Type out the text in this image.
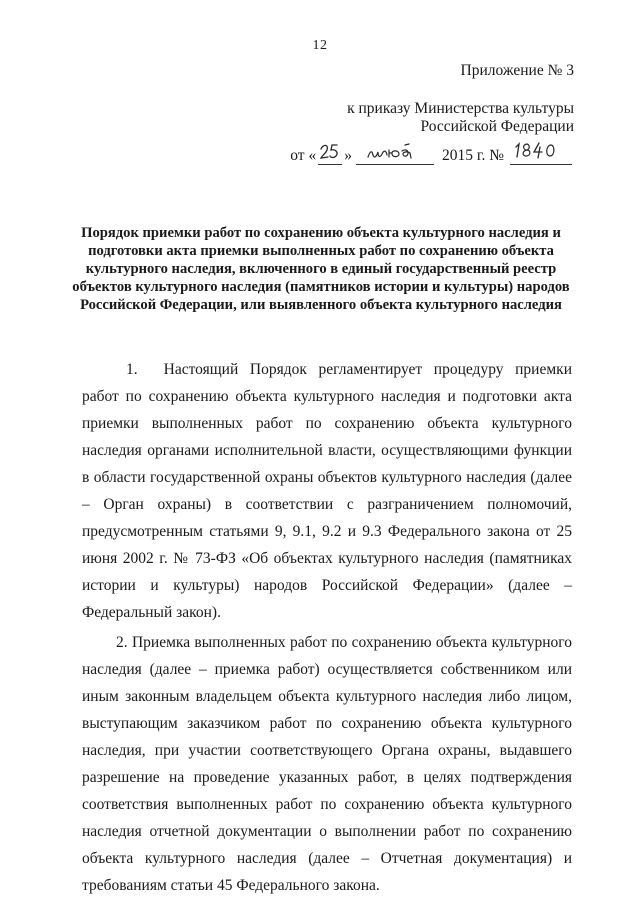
12
Приложение № 3
к приказу Министерства культуры
Российской Федерации
от « »	2015 г. №
Порядок приемки работ по сохранению объекта культурного наследия и подготовки акта приемки выполненных работ по сохранению объекта культурного наследия, включенного в единый государственный реестр объектов культурного наследия (памятников истории и культуры) народов Российской Федерации, или выявленного объекта культурного наследия

1. Настоящий Порядок регламентирует процедуру приемки работ по сохранению объекта культурного наследия и подготовки акта приемки выполненных работ по сохранению объекта культурного наследия органами исполнительной власти, осуществляющими функции в области государственной охраны объектов культурного наследия (далее – Орган охраны) в соответствии с разграничением полномочий, предусмотренным статьями 9, 9.1, 9.2 и 9.3 Федерального закона от 25 июня 2002 г. № 73-ФЗ «Об объектах культурного наследия (памятниках истории и культуры) народов Российской Федерации» (далее – Федеральный закон).

2. Приемка выполненных работ по сохранению объекта культурного наследия (далее – приемка работ) осуществляется собственником или иным законным владельцем объекта культурного наследия либо лицом, выступающим заказчиком работ по сохранению объекта культурного наследия, при участии соответствующего Органа охраны, выдавшего разрешение на проведение указанных работ, в целях подтверждения соответствия выполненных работ по сохранению объекта культурного наследия отчетной документации о выполнении работ по сохранению объекта культурного наследия (далее – Отчетная документация) и требованиям статьи 45 Федерального закона.
